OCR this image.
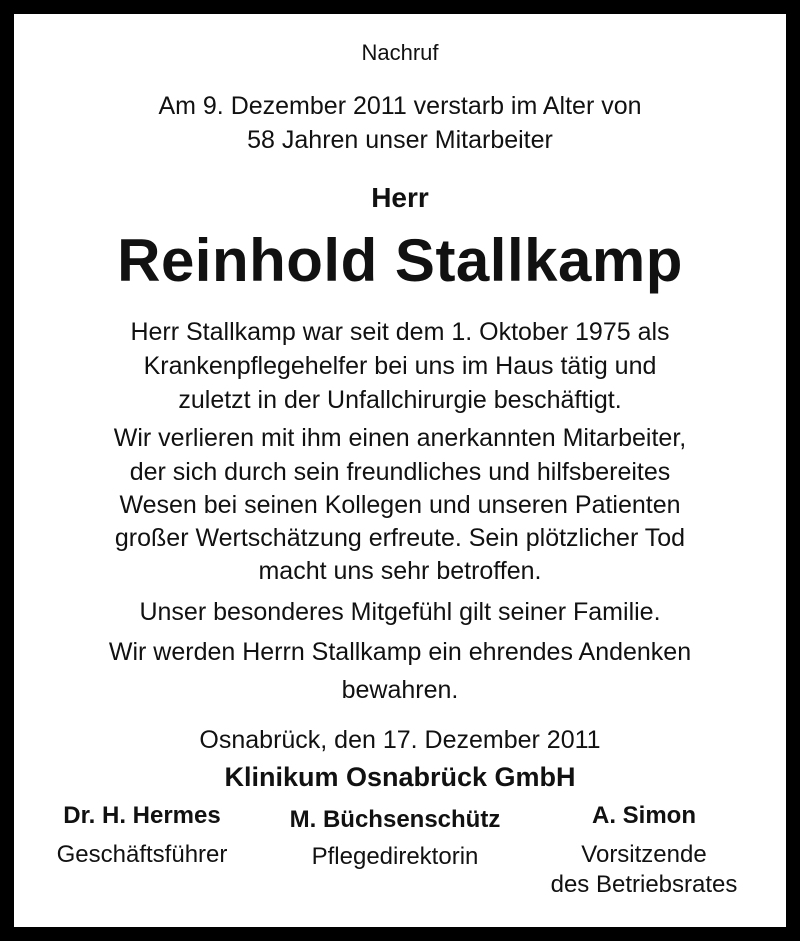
Nachruf

Am 9. Dezember 2011 verstarb im Alter von

58 Jahren unser Mitarbeiter

Herr

Reinhold Stallkamp

Herr Stallkamp war seit dem 1. Oktober 1975 als

Krankenpflegehelfer bei uns im Haus tätig und

zuletzt in der Unfallchirurgie beschäftigt.

Wir verlieren mit ihm einen anerkannten Mitarbeiter,

der sich durch sein freundliches und hilfsbereites

Wesen bei seinen Kollegen und unseren Patienten

großer Wertschätzung erfreute. Sein plötzlicher Tod

macht uns sehr betroffen.

Unser besonderes Mitgefühl gilt seiner Familie.

Wir werden Herrn Stallkamp ein ehrendes Andenken

bewahren.

Osnabrück, den 17. Dezember 2011

Klinikum Osnabrück GmbH

Dr. H. Hermes

Geschäftsführer

M. Büchsenschütz

Pflegedirektorin

A. Simon

Vorsitzende

des Betriebsrates
